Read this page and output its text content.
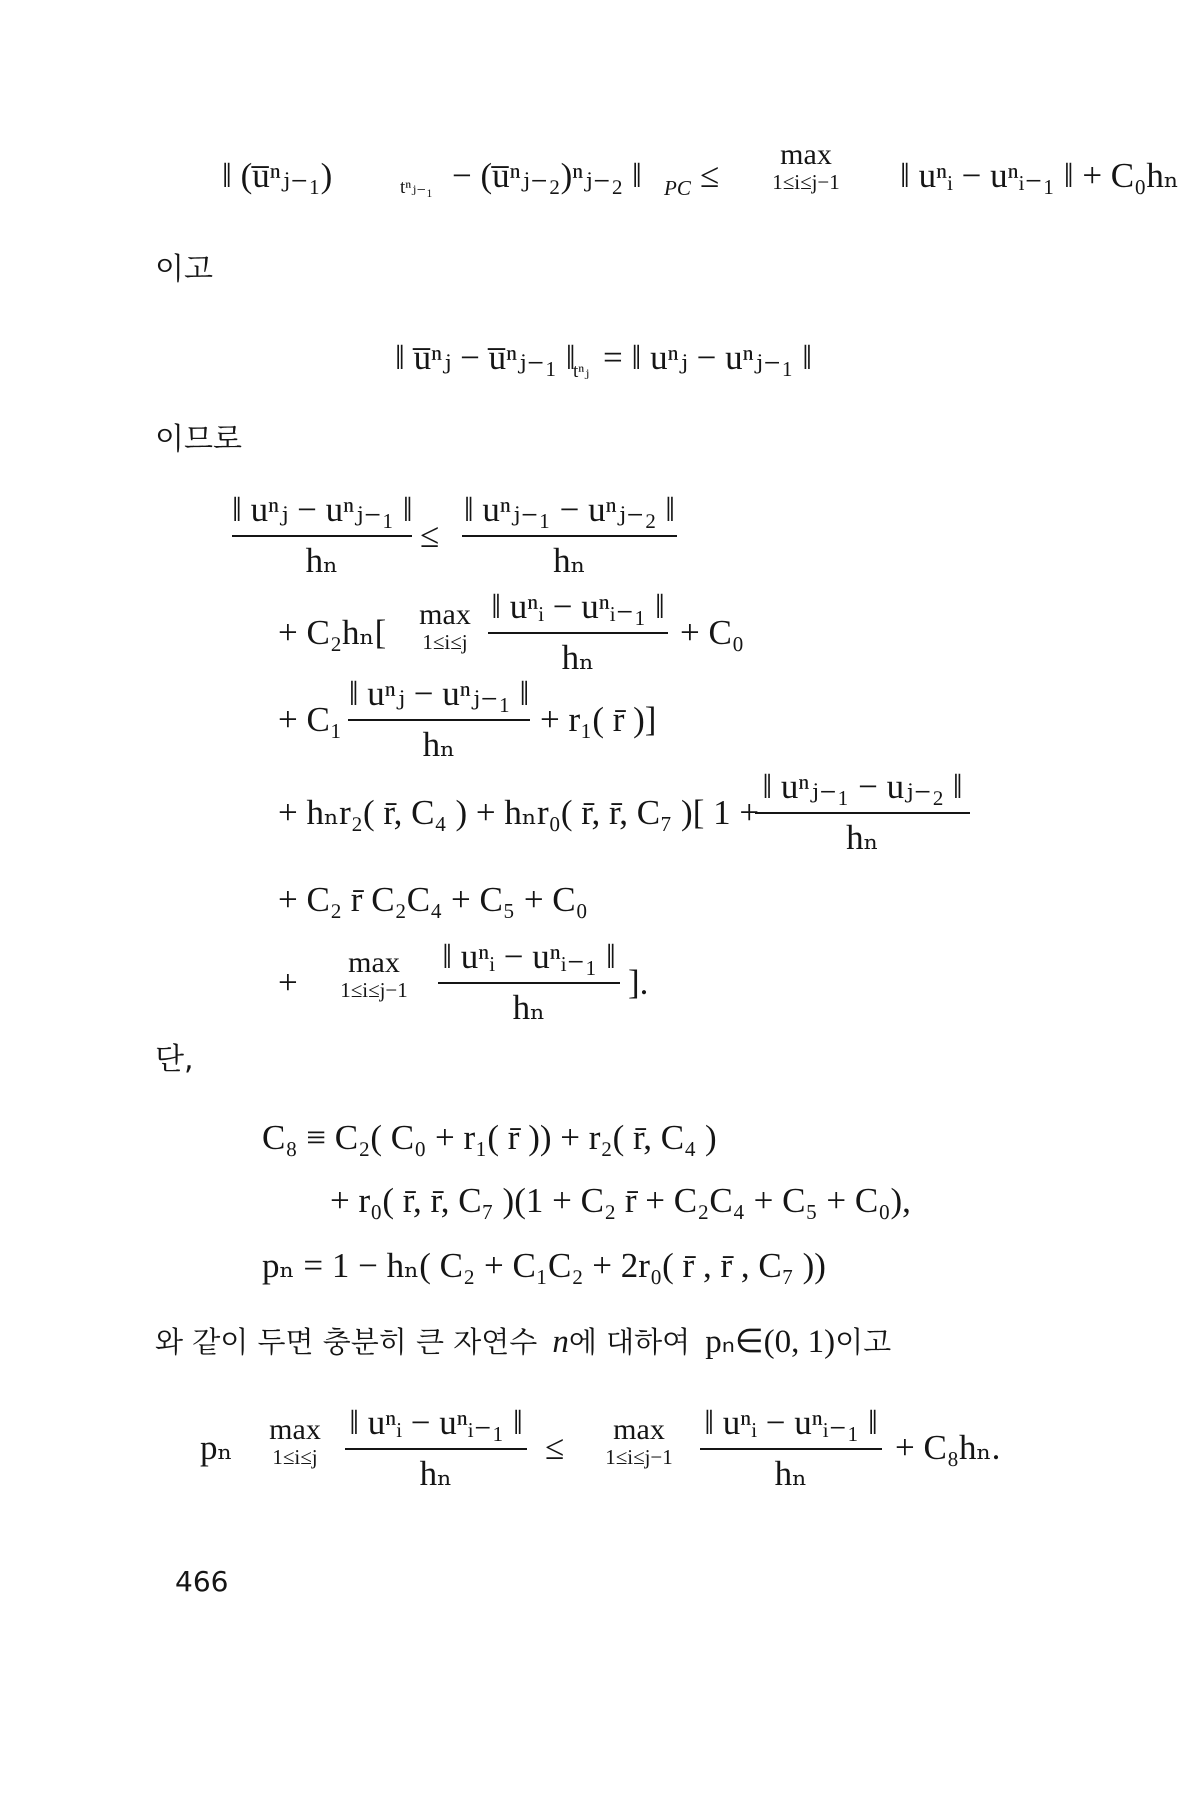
‖ (u̅ⁿⱼ₋₁)	tⁿⱼ₋₁ − (u̅ⁿⱼ₋₂)ⁿⱼ₋₂ ‖ PC ≤
max
1≤i≤j−1	‖ uⁿᵢ − uⁿᵢ₋₁ ‖ + C₀hₙ

이고

‖ u̅ⁿⱼ − u̅ⁿⱼ₋₁ ‖
tⁿⱼ = ‖ uⁿⱼ − uⁿⱼ₋₁ ‖

이므로

‖ uⁿⱼ − uⁿⱼ₋₁ ‖
hₙ
≤
‖ uⁿⱼ₋₁ − uⁿⱼ₋₂ ‖
hₙ
+ C₂hₙ[	max
1≤i≤j
‖ uⁿᵢ − uⁿᵢ₋₁ ‖
hₙ
+ C₀
+ C₁
‖ uⁿⱼ − uⁿⱼ₋₁ ‖
hₙ
+ r₁( r̄ )]
+ hₙr₂( r̄, C₄ ) + hₙr₀( r̄, r̄, C₇ )[ 1 +
‖ uⁿⱼ₋₁ − uⱼ₋₂ ‖
hₙ
+ C₂ r̄ C₂C₄ + C₅ + C₀
+
max
1≤i≤j−1
‖ uⁿᵢ − uⁿᵢ₋₁ ‖
hₙ
].

단,

C₈ ≡ C₂( C₀ + r₁( r̄ )) + r₂( r̄, C₄ )
+ r₀( r̄, r̄, C₇ )(1 + C₂ r̄ + C₂C₄ + C₅ + C₀),
pₙ = 1 − hₙ( C₂ + C₁C₂ + 2r₀( r̄ , r̄ , C₇ ))
와 같이 두면 충분히 큰 자연수 n에 대하여 pₙ∈(0, 1)이고
pₙ	max
1≤i≤j
‖ uⁿᵢ − uⁿᵢ₋₁ ‖
hₙ
≤	max
1≤i≤j−1
‖ uⁿᵢ − uⁿᵢ₋₁ ‖
hₙ
+ C₈hₙ.

466
